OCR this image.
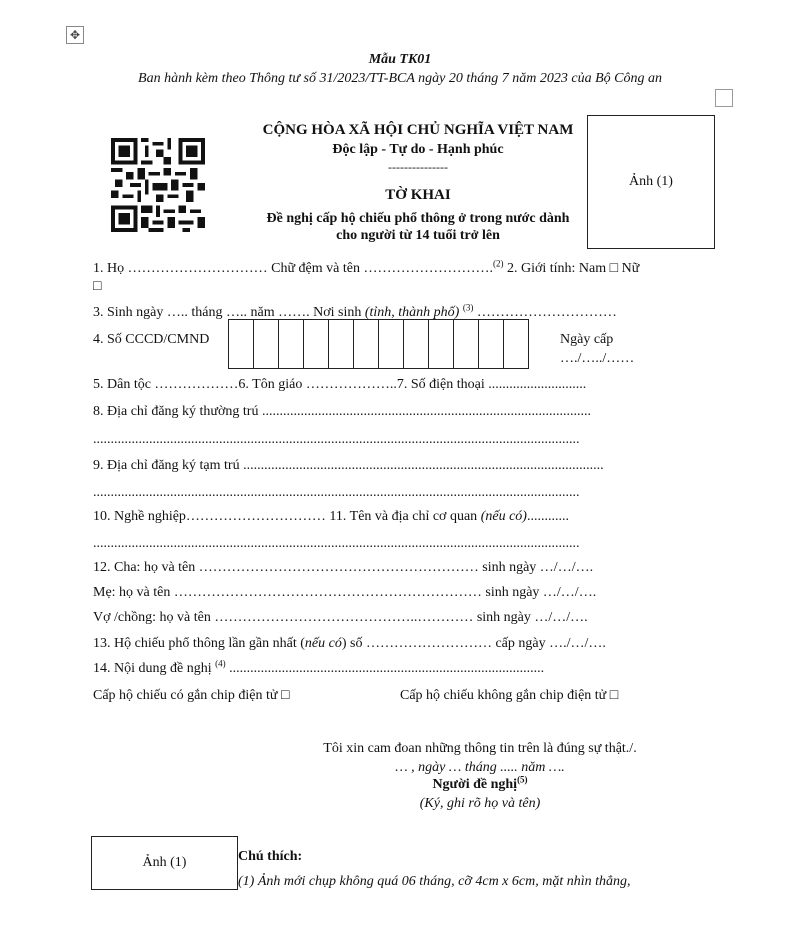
✥
Mẫu TK01
Ban hành kèm theo Thông tư số 31/2023/TT-BCA ngày 20 tháng 7 năm 2023 của Bộ Công an
CỘNG HÒA XÃ HỘI CHỦ NGHĨA VIỆT NAM
Độc lập - Tự do - Hạnh phúc
---------------
TỜ KHAI
Đề nghị cấp hộ chiếu phổ thông ở trong nước dành
cho người từ 14 tuổi trở lên
Ảnh (1)
1. Họ ………………………… Chữ đệm và tên ……………………….$^{(2)}$ 2. Giới tính: Nam □ Nữ
□
3. Sinh ngày ….. tháng ….. năm ……. Nơi sinh (tỉnh, thành phố) $^{(3)}$ …………………………
4. Số CCCD/CMND	Ngày cấp
…./…../……
5. Dân tộc ………………6. Tôn giáo ………………..7. Số điện thoại ............................
8. Địa chỉ đăng ký thường trú ..............................................................................................
...........................................................................................................................................
9. Địa chỉ đăng ký tạm trú .......................................................................................................
...........................................................................................................................................
10. Nghề nghiệp………………………… 11. Tên và địa chỉ cơ quan (nếu có)............
...........................................................................................................................................
12. Cha: họ và tên …………………………………………………… sinh ngày …/…/….
Mẹ: họ và tên ………………………………………………………… sinh ngày …/…/….
Vợ /chồng: họ và tên ……………………………………..………… sinh ngày …/…/….
13. Hộ chiếu phổ thông lần gần nhất (nếu có) số ……………………… cấp ngày …./…/….
14. Nội dung đề nghị $^{(4)}$ ..........................................................................................
Cấp hộ chiếu có gắn chip điện tử □	Cấp hộ chiếu không gắn chip điện tử □
Tôi xin cam đoan những thông tin trên là đúng sự thật./.
… , ngày … tháng ..... năm ….
Người đề nghị$^{(5)}$
(Ký, ghi rõ họ và tên)
Ảnh (1)	Chú thích:
(1) Ảnh mới chụp không quá 06 tháng, cỡ 4cm x 6cm, mặt nhìn thẳng,
